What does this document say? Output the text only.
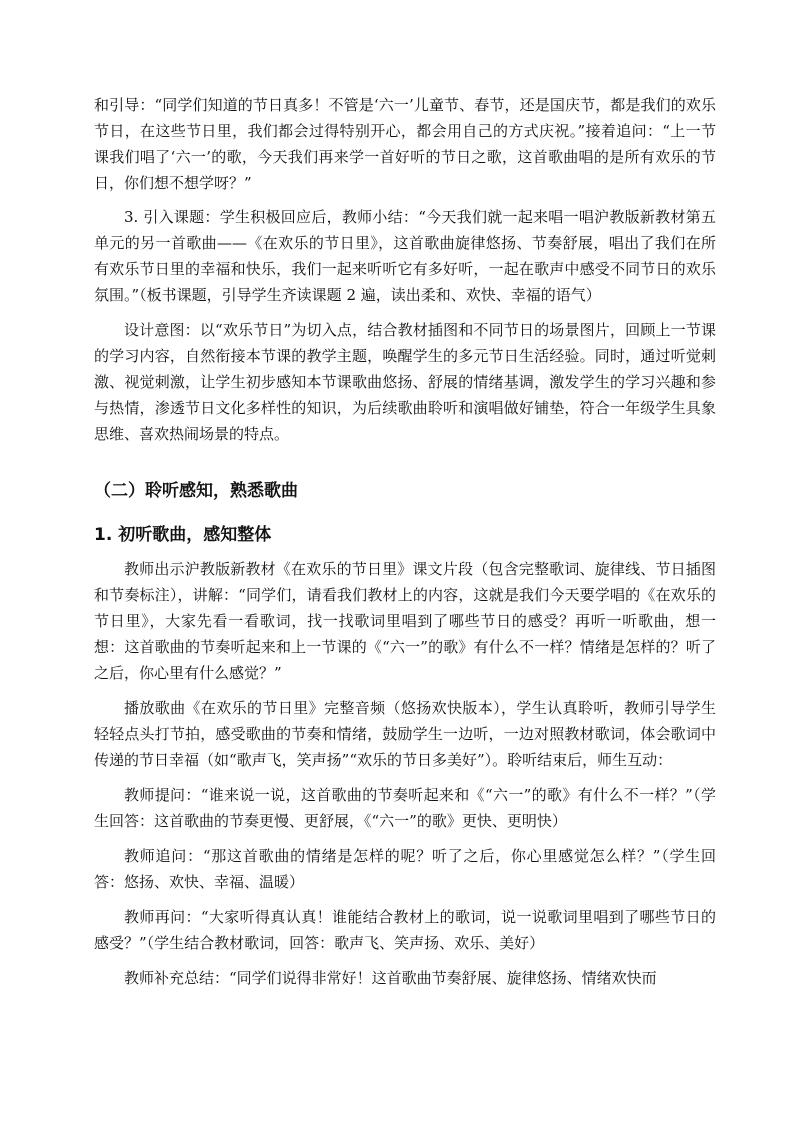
和引导：“同学们知道的节日真多！不管是‘六一’儿童节、春节，还是国庆节，都是我们的欢乐节日，在这些节日里，我们都会过得特别开心，都会用自己的方式庆祝。”接着追问：“上一节课我们唱了‘六一’的歌，今天我们再来学一首好听的节日之歌，这首歌曲唱的是所有欢乐的节日，你们想不想学呀？”

3. 引入课题：学生积极回应后，教师小结：“今天我们就一起来唱一唱沪教版新教材第五单元的另一首歌曲——《在欢乐的节日里》，这首歌曲旋律悠扬、节奏舒展，唱出了我们在所有欢乐节日里的幸福和快乐，我们一起来听听它有多好听，一起在歌声中感受不同节日的欢乐氛围。”（板书课题，引导学生齐读课题 2 遍，读出柔和、欢快、幸福的语气）

设计意图：以“欢乐节日”为切入点，结合教材插图和不同节日的场景图片，回顾上一节课的学习内容，自然衔接本节课的教学主题，唤醒学生的多元节日生活经验。同时，通过听觉刺激、视觉刺激，让学生初步感知本节课歌曲悠扬、舒展的情绪基调，激发学生的学习兴趣和参与热情，渗透节日文化多样性的知识，为后续歌曲聆听和演唱做好铺垫，符合一年级学生具象思维、喜欢热闹场景的特点。

（二）聆听感知，熟悉歌曲
1. 初听歌曲，感知整体

教师出示沪教版新教材《在欢乐的节日里》课文片段（包含完整歌词、旋律线、节日插图和节奏标注），讲解：“同学们，请看我们教材上的内容，这就是我们今天要学唱的《在欢乐的节日里》，大家先看一看歌词，找一找歌词里唱到了哪些节日的感受？再听一听歌曲，想一想：这首歌曲的节奏听起来和上一节课的《“六一”的歌》有什么不一样？情绪是怎样的？听了之后，你心里有什么感觉？”

播放歌曲《在欢乐的节日里》完整音频（悠扬欢快版本），学生认真聆听，教师引导学生轻轻点头打节拍，感受歌曲的节奏和情绪，鼓励学生一边听，一边对照教材歌词，体会歌词中传递的节日幸福（如“歌声飞，笑声扬”“欢乐的节日多美好”）。聆听结束后，师生互动：

教师提问：“谁来说一说，这首歌曲的节奏听起来和《“六一”的歌》有什么不一样？”（学生回答：这首歌曲的节奏更慢、更舒展，《“六一”的歌》更快、更明快）

教师追问：“那这首歌曲的情绪是怎样的呢？听了之后，你心里感觉怎么样？”（学生回答：悠扬、欢快、幸福、温暖）

教师再问：“大家听得真认真！谁能结合教材上的歌词，说一说歌词里唱到了哪些节日的感受？”（学生结合教材歌词，回答：歌声飞、笑声扬、欢乐、美好）

教师补充总结：“同学们说得非常好！这首歌曲节奏舒展、旋律悠扬、情绪欢快而
